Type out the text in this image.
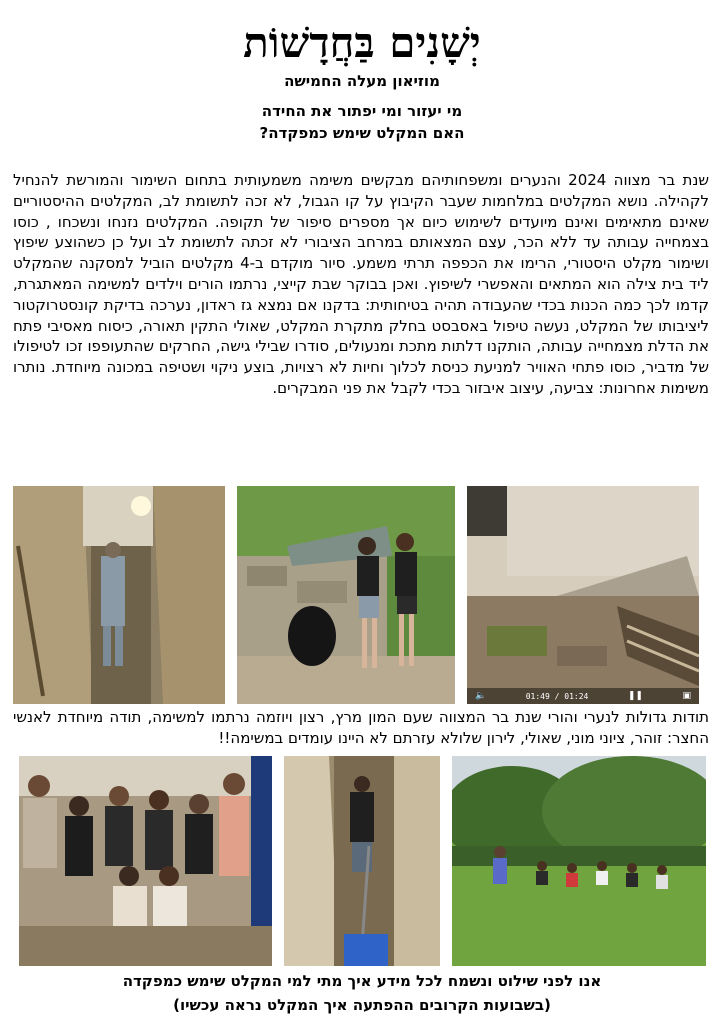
יְשָׁנִים בַּחֲדָשׁוֹת
מוזיאון מעלה החמישה
מי יעזור ומי יפתור את החידה
האם המקלט שימש כמפקדה?
שנת בר מצווה 2024 והנערים ומשפחותיהם מבקשים משימה משמעותית בתחום השימור והמורשת להנחיל לקהילה. נושא המקלטים במלחמות שעבר הקיבוץ על קו הגבול, לא זכה לתשומת לב, המקלטים ההיסטוריים שאינם מתאימים ואינם מיועדים לשימוש כיום אך מספרים סיפור של תקופה. המקלטים נזנחו ונשכחו , כוסו בצמחייה עבותה עד ללא הכר, עצם המצאותם במרחב הציבורי לא זכתה לתשומת לב ועל כן כשהוצע שיפוץ ושימור מקלט היסטורי, הרימו את הכפפה תרתי משמע. סיור מוקדם ב-4 מקלטים הוביל למסקנה שהמקלט ליד בית צילה הוא המתאים והאפשרי לשיפוץ. ואכן בבוקר שבת קייצי, נרתמו הורים וילדים למשימה המאתגרת, קדמו לכך כמה הכנות בכדי שהעבודה תהיה בטיחותית: בדקנו אם נמצא גז ראדון, נערכה בדיקת קונסטרוקטור ליציבותו של המקלט, נעשה טיפול באסבסט בחלק מתקרת המקלט, שאולי התקין תאורה, כיסוח מאסיבי פתח את הדלת מצמחייה עבותה, הותקנו דלתות מתכת ומנעולים, סודרו שבילי גישה, החרקים שהתעופפו זכו לטיפולו של מדביר, כוסו פתחי האוויר למניעת כניסת לכלוך וחיות לא רצויות, בוצע ניקוי ושטיפה במכונה מיוחדת. נותרו משימות אחרונות: צביעה, עיצוב איבזור בכדי לקבל את פני המבקרים.
🔈	01:49 / 01:24	❚❚	▣
תודות גדולות לנערי והורי שנת בר המצווה שעם המון מרץ, רצון ויוזמה נרתמו למשימה, תודה מיוחדת לאנשי החצר: זוהר, ציוני מוני, שאולי, לירון שלולא עזרתם לא היינו עומדים במשימה!!
אנו לפני שילוט ונשמח לכל מידע איך מתי למי המקלט שימש כמפקדה
(בשבועות הקרובים ההפתעה איך המקלט נראה עכשיו)
